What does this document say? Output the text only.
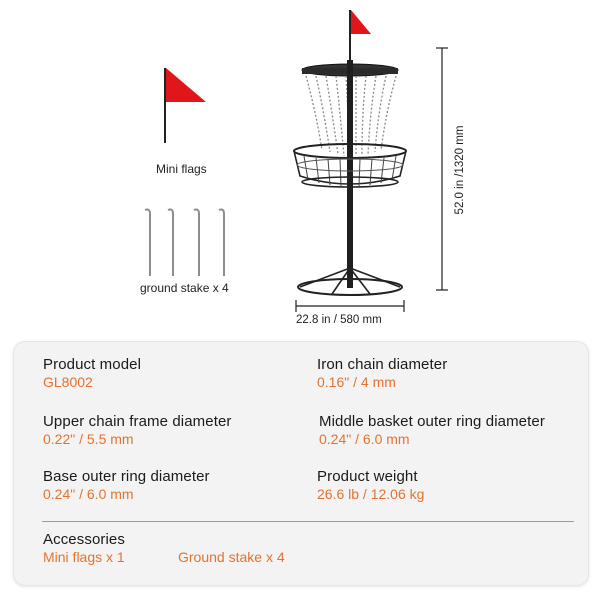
Mini flags
ground stake x 4
22.8 in / 580 mm
52.0 in /1320 mm
Product model
GL8002
Iron chain diameter
0.16" / 4 mm
Upper chain frame diameter
0.22" / 5.5 mm
Middle basket outer ring diameter
0.24" / 6.0 mm
Base outer ring diameter
0.24" / 6.0 mm
Product weight
26.6 lb / 12.06 kg
Accessories
Mini flags x 1	Ground stake x 4
